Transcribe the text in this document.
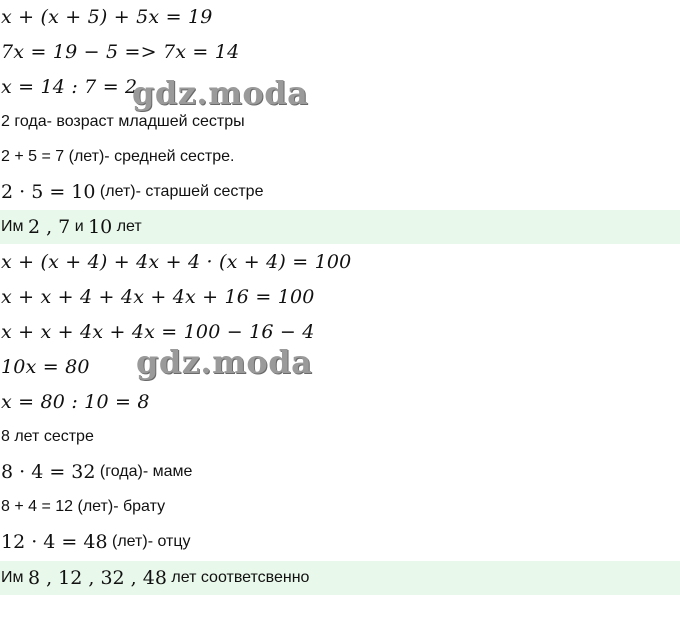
x + (x + 5) + 5x = 19
7x = 19 − 5 => 7x = 14
x = 14 : 7 = 2
2 года- возраст младшей сестры
2 + 5 = 7 (лет)- средней сестре.
2 · 5 = 10 (лет)- старшей сестре
Им 2 , 7 и 10 лет
x + (x + 4) + 4x + 4 · (x + 4) = 100
x + x + 4 + 4x + 4x + 16 = 100
x + x + 4x + 4x = 100 − 16 − 4
10x = 80
x = 80 : 10 = 8
8 лет сестре
8 · 4 = 32 (года)- маме
8 + 4 = 12 (лет)- брату
12 · 4 = 48 (лет)- отцу
Им 8 , 12 , 32 , 48 лет соответсвенно
gdz.moda
gdz.moda
